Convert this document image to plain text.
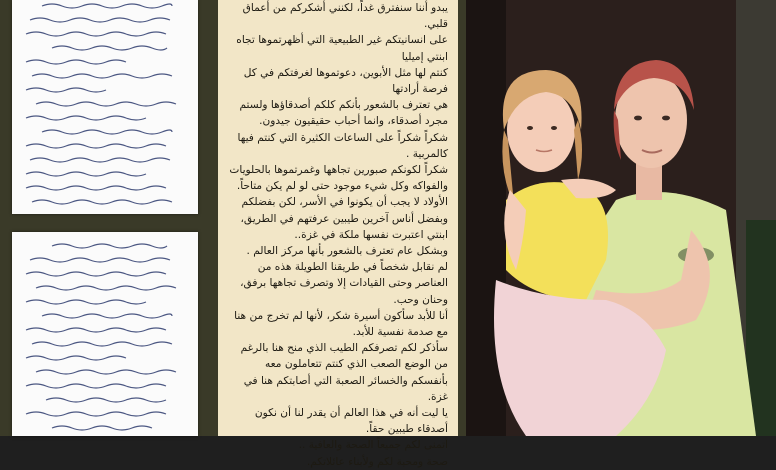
يبدو أننا سنفترق غداً، لكنني أشكركم من أعماق قلبي.

على انسانيتكم غير الطبيعية التي أظهرتموها تجاه ابنتي إميليا

كنتم لها مثل الأبوين، دعوتموها لغرفتكم في كل فرصة أرادتها

هي تعترف بالشعور بأنكم كلكم أصدقاؤها ولستم مجرد أصدقاء، وانما أحباب حقيقيون جيدون.

شكراً شكراً على الساعات الكثيرة التي كنتم فيها كالمربية .

شكراً لكونكم صبورين تجاهها وغمرتموها بالحلويات والفواكه وكل شيء موجود حتى لو لم يكن متاحاً.

الأولاد لا يجب أن يكونوا في الأسر، لكن بفضلكم وبفضل أناس آخرين طيبين عرفتهم في الطريق،

ابنتي اعتبرت نفسها ملكة في غزة..

وبشكل عام تعترف بالشعور بأنها مركز العالم .

لم نقابل شخصاً في طريقنا الطويلة هذه من العناصر وحتى القيادات إلا وتصرف تجاهها برفق، وحنان وحب.

أنا للأبد سأكون أسيرة شكر، لأنها لم تخرج من هنا مع صدمة نفسية للأبد.

سأذكر لكم تصرفكم الطيب الذي منح هنا بالرغم من الوضع الصعب الذي كنتم تتعاملون معه بأنفسكم والخسائر الصعبة التي أصابتكم هنا في غزة.

يا ليت أنه في هذا العالم أن يقدر لنا أن نكون أصدقاء طيبين حقاً.

أتمنى لكم جميعاً الصحة والعافية ..

صحة ومحبة لكم ولأبناء عائلاتكم.
